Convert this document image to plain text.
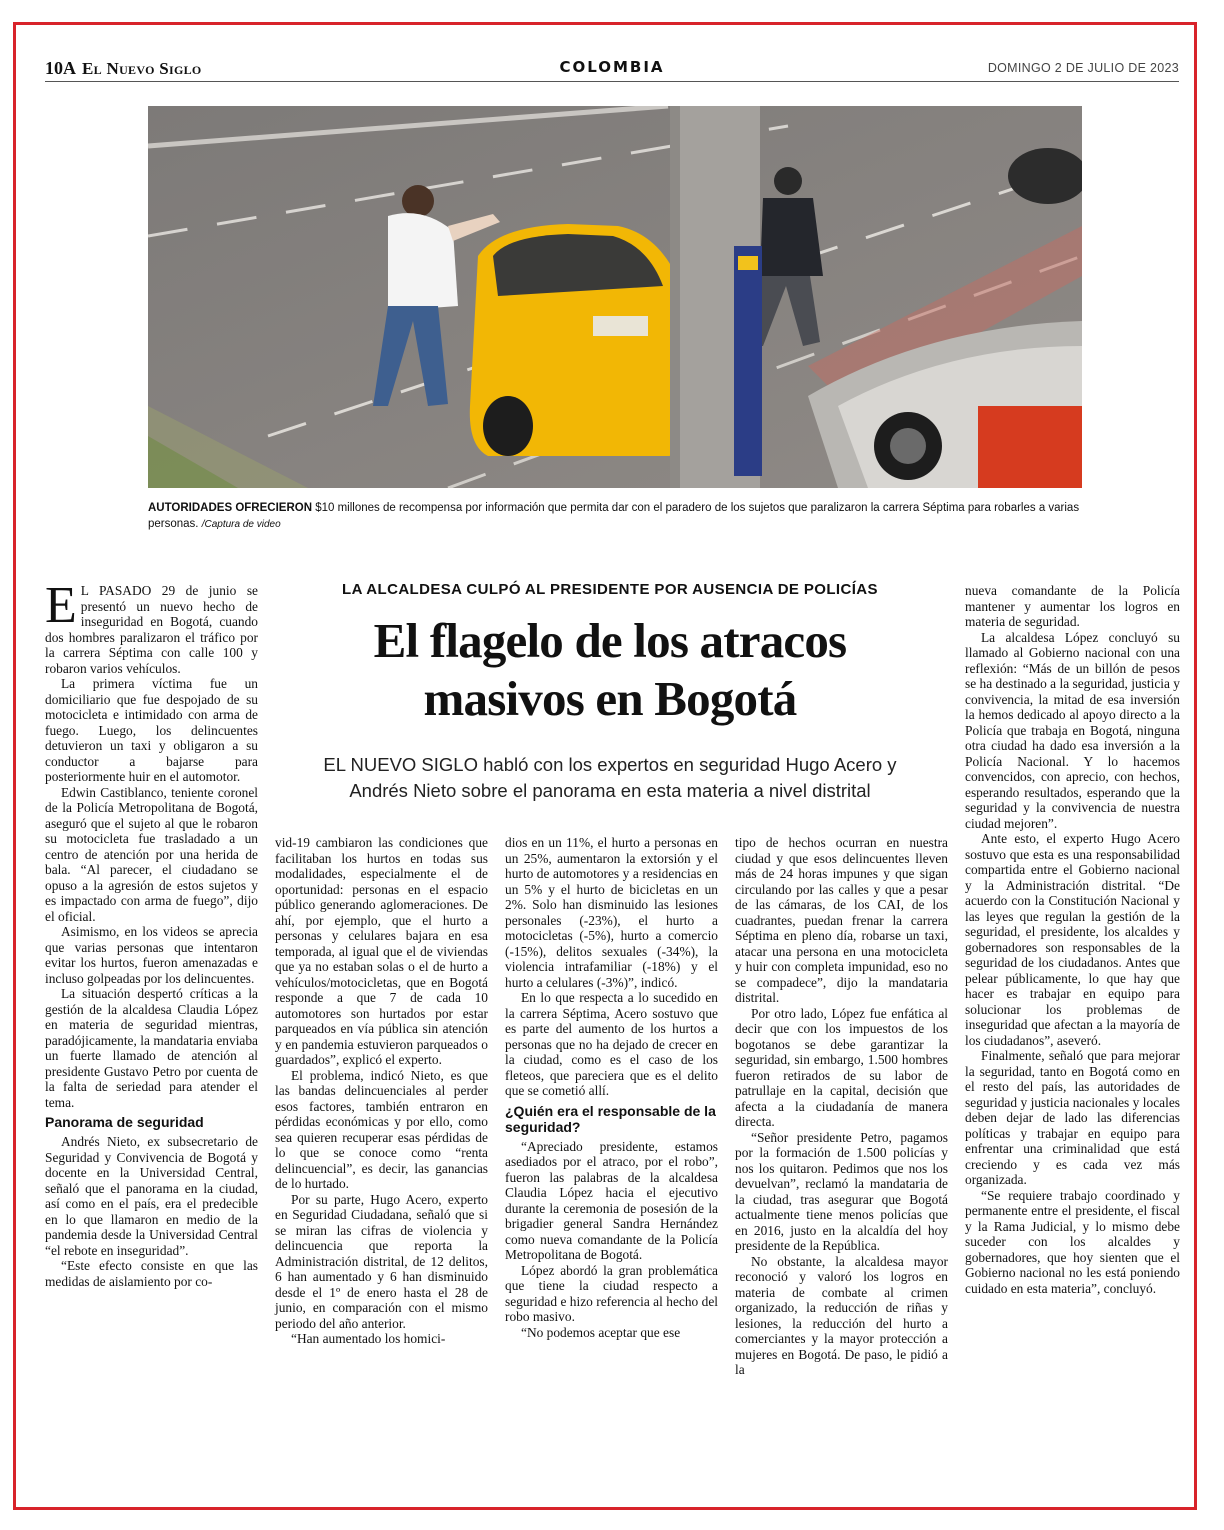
10A El Nuevo Siglo	COLOMBIA	DOMINGO 2 DE JULIO DE 2023
AUTORIDADES OFRECIERON $10 millones de recompensa por información que permita dar con el paradero de los sujetos que paralizaron la carrera Séptima para robarles a varias personas. /Captura de video
LA ALCALDESA CULPÓ AL PRESIDENTE POR AUSENCIA DE POLICÍAS
El flagelo de los atracos
masivos en Bogotá
EL NUEVO SIGLO habló con los expertos en seguridad Hugo Acero y
Andrés Nieto sobre el panorama en esta materia a nivel distrital

E L PASADO 29 de junio se presentó un nuevo hecho de inseguridad en Bogotá, cuando dos hombres paralizaron el tráfico por la carrera Séptima con calle 100 y robaron varios vehículos.

La primera víctima fue un domiciliario que fue despojado de su motocicleta e intimidado con arma de fuego. Luego, los delincuentes detuvieron un taxi y obligaron a su conductor a bajarse para posteriormente huir en el automotor.

Edwin Castiblanco, teniente coronel de la Policía Metropolitana de Bogotá, aseguró que el sujeto al que le robaron su motocicleta fue trasladado a un centro de atención por una herida de bala. “Al parecer, el ciudadano se opuso a la agresión de estos sujetos y es impactado con arma de fuego”, dijo el oficial.

Asimismo, en los videos se aprecia que varias personas que intentaron evitar los hurtos, fueron amenazadas e incluso golpeadas por los delincuentes.

La situación despertó críticas a la gestión de la alcaldesa Claudia López en materia de seguridad mientras, paradójicamente, la mandataria enviaba un fuerte llamado de atención al presidente Gustavo Petro por cuenta de la falta de seriedad para atender el tema.

Panorama de seguridad

Andrés Nieto, ex subsecretario de Seguridad y Convivencia de Bogotá y docente en la Universidad Central, señaló que el panorama en la ciudad, así como en el país, era el predecible en lo que llamaron en medio de la pandemia desde la Universidad Central “el rebote en inseguridad”.

“Este efecto consiste en que las medidas de aislamiento por co-

vid-19 cambiaron las condiciones que facilitaban los hurtos en todas sus modalidades, especialmente el de oportunidad: personas en el espacio público generando aglomeraciones. De ahí, por ejemplo, que el hurto a personas y celulares bajara en esa temporada, al igual que el de viviendas que ya no estaban solas o el de hurto a vehículos/motocicletas, que en Bogotá responde a que 7 de cada 10 automotores son hurtados por estar parqueados en vía pública sin atención y en pandemia estuvieron parqueados o guardados”, explicó el experto.

El problema, indicó Nieto, es que las bandas delincuenciales al perder esos factores, también entraron en pérdidas económicas y por ello, como sea quieren recuperar esas pérdidas de lo que se conoce como “renta delincuencial”, es decir, las ganancias de lo hurtado.

Por su parte, Hugo Acero, experto en Seguridad Ciudadana, señaló que si se miran las cifras de violencia y delincuencia que reporta la Administración distrital, de 12 delitos, 6 han aumentado y 6 han disminuido desde el 1º de enero hasta el 28 de junio, en comparación con el mismo periodo del año anterior.

“Han aumentado los homici-

dios en un 11%, el hurto a personas en un 25%, aumentaron la extorsión y el hurto de automotores y a residencias en un 5% y el hurto de bicicletas en un 2%. Solo han disminuido las lesiones personales (-23%), el hurto a motocicletas (-5%), hurto a comercio (-15%), delitos sexuales (-34%), la violencia intrafamiliar (-18%) y el hurto a celulares (-3%)”, indicó.

En lo que respecta a lo sucedido en la carrera Séptima, Acero sostuvo que es parte del aumento de los hurtos a personas que no ha dejado de crecer en la ciudad, como es el caso de los fleteos, que pareciera que es el delito que se cometió allí.

¿Quién era el responsable de la seguridad?

“Apreciado presidente, estamos asediados por el atraco, por el robo”, fueron las palabras de la alcaldesa Claudia López hacia el ejecutivo durante la ceremonia de posesión de la brigadier general Sandra Hernández como nueva comandante de la Policía Metropolitana de Bogotá.

López abordó la gran problemática que tiene la ciudad respecto a seguridad e hizo referencia al hecho del robo masivo.

“No podemos aceptar que ese

tipo de hechos ocurran en nuestra ciudad y que esos delincuentes lleven más de 24 horas impunes y que sigan circulando por las calles y que a pesar de las cámaras, de los CAI, de los cuadrantes, puedan frenar la carrera Séptima en pleno día, robarse un taxi, atacar una persona en una motocicleta y huir con completa impunidad, eso no se compadece”, dijo la mandataria distrital.

Por otro lado, López fue enfática al decir que con los impuestos de los bogotanos se debe garantizar la seguridad, sin embargo, 1.500 hombres fueron retirados de su labor de patrullaje en la capital, decisión que afecta a la ciudadanía de manera directa.

“Señor presidente Petro, pagamos por la formación de 1.500 policías y nos los quitaron. Pedimos que nos los devuelvan”, reclamó la mandataria de la ciudad, tras asegurar que Bogotá actualmente tiene menos policías que en 2016, justo en la alcaldía del hoy presidente de la República.

No obstante, la alcaldesa mayor reconoció y valoró los logros en materia de combate al crimen organizado, la reducción de riñas y lesiones, la reducción del hurto a comerciantes y la mayor protección a mujeres en Bogotá. De paso, le pidió a la

nueva comandante de la Policía mantener y aumentar los logros en materia de seguridad.

La alcaldesa López concluyó su llamado al Gobierno nacional con una reflexión: “Más de un billón de pesos se ha destinado a la seguridad, justicia y convivencia, la mitad de esa inversión la hemos dedicado al apoyo directo a la Policía que trabaja en Bogotá, ninguna otra ciudad ha dado esa inversión a la Policía Nacional. Y lo hacemos convencidos, con aprecio, con hechos, esperando resultados, esperando que la seguridad y la convivencia de nuestra ciudad mejoren”.

Ante esto, el experto Hugo Acero sostuvo que esta es una responsabilidad compartida entre el Gobierno nacional y la Administración distrital. “De acuerdo con la Constitución Nacional y las leyes que regulan la gestión de la seguridad, el presidente, los alcaldes y gobernadores son responsables de la seguridad de los ciudadanos. Antes que pelear públicamente, lo que hay que hacer es trabajar en equipo para solucionar los problemas de inseguridad que afectan a la mayoría de los ciudadanos”, aseveró.

Finalmente, señaló que para mejorar la seguridad, tanto en Bogotá como en el resto del país, las autoridades de seguridad y justicia nacionales y locales deben dejar de lado las diferencias políticas y trabajar en equipo para enfrentar una criminalidad que está creciendo y es cada vez más organizada.

“Se requiere trabajo coordinado y permanente entre el presidente, el fiscal y la Rama Judicial, y lo mismo debe suceder con los alcaldes y gobernadores, que hoy sienten que el Gobierno nacional no les está poniendo cuidado en esta materia”, concluyó.
